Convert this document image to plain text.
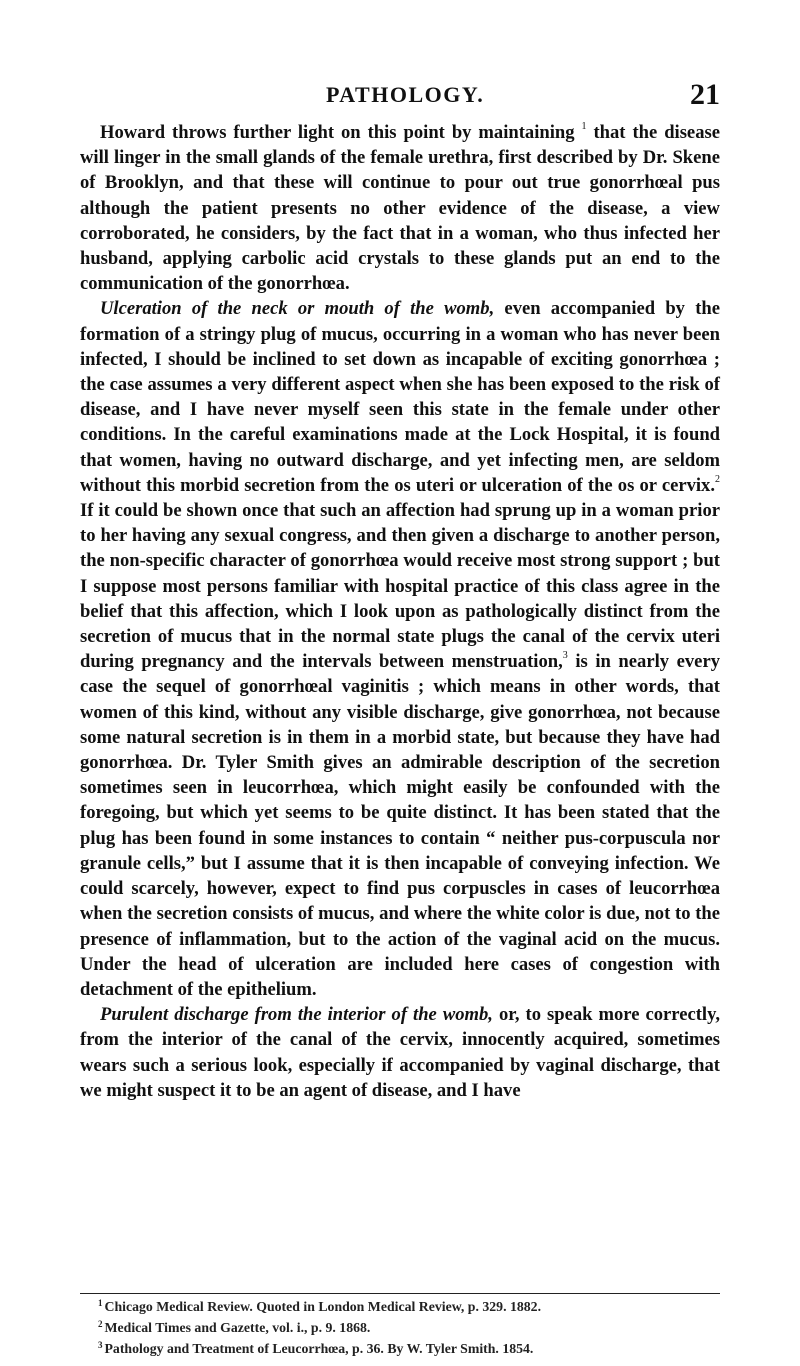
PATHOLOGY.	21

Howard throws further light on this point by maintaining $^1$ that the disease will linger in the small glands of the female urethra, first described by Dr. Skene of Brooklyn, and that these will continue to pour out true gonorrhœal pus although the patient presents no other evidence of the disease, a view corroborated, he considers, by the fact that in a woman, who thus infected her husband, applying carbolic acid crystals to these glands put an end to the communication of the gonorrhœa.

Ulceration of the neck or mouth of the womb, even accompanied by the formation of a stringy plug of mucus, occurring in a woman who has never been infected, I should be inclined to set down as incapable of exciting gonorrhœa ; the case assumes a very different aspect when she has been exposed to the risk of disease, and I have never myself seen this state in the female under other conditions. In the careful examinations made at the Lock Hospital, it is found that women, having no outward discharge, and yet infecting men, are seldom without this morbid secretion from the os uteri or ulceration of the os or cervix.$^2$ If it could be shown once that such an affection had sprung up in a woman prior to her having any sexual congress, and then given a discharge to another person, the non-specific character of gonorrhœa would receive most strong support ; but I suppose most persons familiar with hospital practice of this class agree in the belief that this affection, which I look upon as pathologically distinct from the secretion of mucus that in the normal state plugs the canal of the cervix uteri during pregnancy and the intervals between menstruation,$^3$ is in nearly every case the sequel of gonorrhœal vaginitis ; which means in other words, that women of this kind, without any visible discharge, give gonorrhœa, not because some natural secretion is in them in a morbid state, but because they have had gonorrhœa. Dr. Tyler Smith gives an admirable description of the secretion sometimes seen in leucorrhœa, which might easily be confounded with the foregoing, but which yet seems to be quite distinct. It has been stated that the plug has been found in some instances to contain “ neither pus-corpuscula nor granule cells,” but I assume that it is then incapable of conveying infection. We could scarcely, however, expect to find pus corpuscles in cases of leucorrhœa when the secretion consists of mucus, and where the white color is due, not to the presence of inflammation, but to the action of the vaginal acid on the mucus. Under the head of ulceration are included here cases of congestion with detachment of the epithelium.

Purulent discharge from the interior of the womb, or, to speak more correctly, from the interior of the canal of the cervix, innocently acquired, sometimes wears such a serious look, especially if accompanied by vaginal discharge, that we might suspect it to be an agent of disease, and I have

$^1$ Chicago Medical Review. Quoted in London Medical Review, p. 329. 1882.
$^2$ Medical Times and Gazette, vol. i., p. 9. 1868.
$^3$ Pathology and Treatment of Leucorrhœa, p. 36. By W. Tyler Smith. 1854.
